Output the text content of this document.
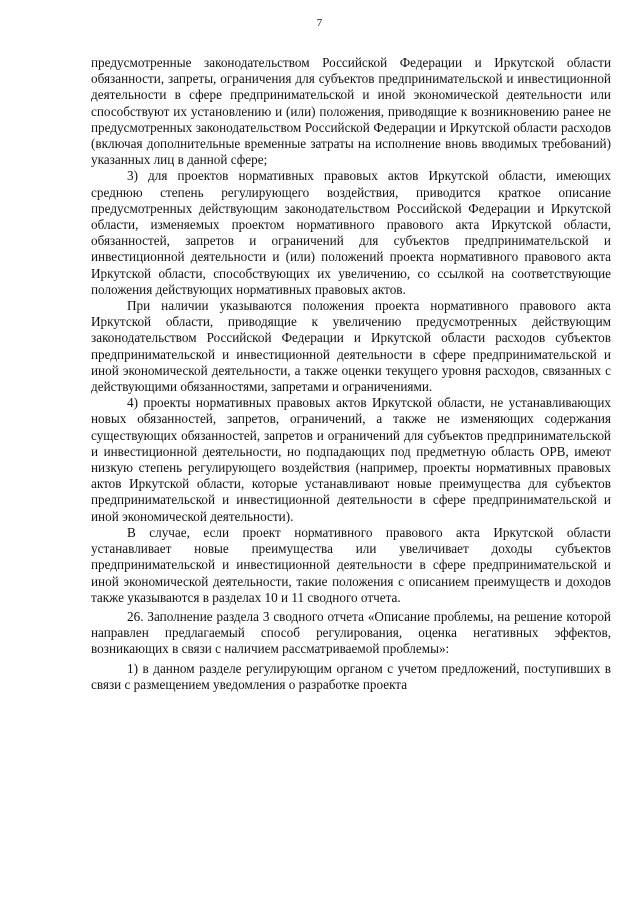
7

предусмотренные законодательством Российской Федерации и Иркутской области обязанности, запреты, ограничения для субъектов предпринимательской и инвестиционной деятельности в сфере предпринимательской и иной экономической деятельности или способствуют их установлению и (или) положения, приводящие к возникновению ранее не предусмотренных законодательством Российской Федерации и Иркутской области расходов (включая дополнительные временные затраты на исполнение вновь вводимых требований) указанных лиц в данной сфере;

3) для проектов нормативных правовых актов Иркутской области, имеющих среднюю степень регулирующего воздействия, приводится краткое описание предусмотренных действующим законодательством Российской Федерации и Иркутской области, изменяемых проектом нормативного правового акта Иркутской области, обязанностей, запретов и ограничений для субъектов предпринимательской и инвестиционной деятельности и (или) положений проекта нормативного правового акта Иркутской области, способствующих их увеличению, со ссылкой на соответствующие положения действующих нормативных правовых актов.

При наличии указываются положения проекта нормативного правового акта Иркутской области, приводящие к увеличению предусмотренных действующим законодательством Российской Федерации и Иркутской области расходов субъектов предпринимательской и инвестиционной деятельности в сфере предпринимательской и иной экономической деятельности, а также оценки текущего уровня расходов, связанных с действующими обязанностями, запретами и ограничениями.

4) проекты нормативных правовых актов Иркутской области, не устанавливающих новых обязанностей, запретов, ограничений, а также не изменяющих содержания существующих обязанностей, запретов и ограничений для субъектов предпринимательской и инвестиционной деятельности, но подпадающих под предметную область ОРВ, имеют низкую степень регулирующего воздействия (например, проекты нормативных правовых актов Иркутской области, которые устанавливают новые преимущества для субъектов предпринимательской и инвестиционной деятельности в сфере предпринимательской и иной экономической деятельности).

В случае, если проект нормативного правового акта Иркутской области устанавливает новые преимущества или увеличивает доходы субъектов предпринимательской и инвестиционной деятельности в сфере предпринимательской и иной экономической деятельности, такие положения с описанием преимуществ и доходов также указываются в разделах 10 и 11 сводного отчета.

26. Заполнение раздела 3 сводного отчета «Описание проблемы, на решение которой направлен предлагаемый способ регулирования, оценка негативных эффектов, возникающих в связи с наличием рассматриваемой проблемы»:

1) в данном разделе регулирующим органом с учетом предложений, поступивших в связи с размещением уведомления о разработке проекта
